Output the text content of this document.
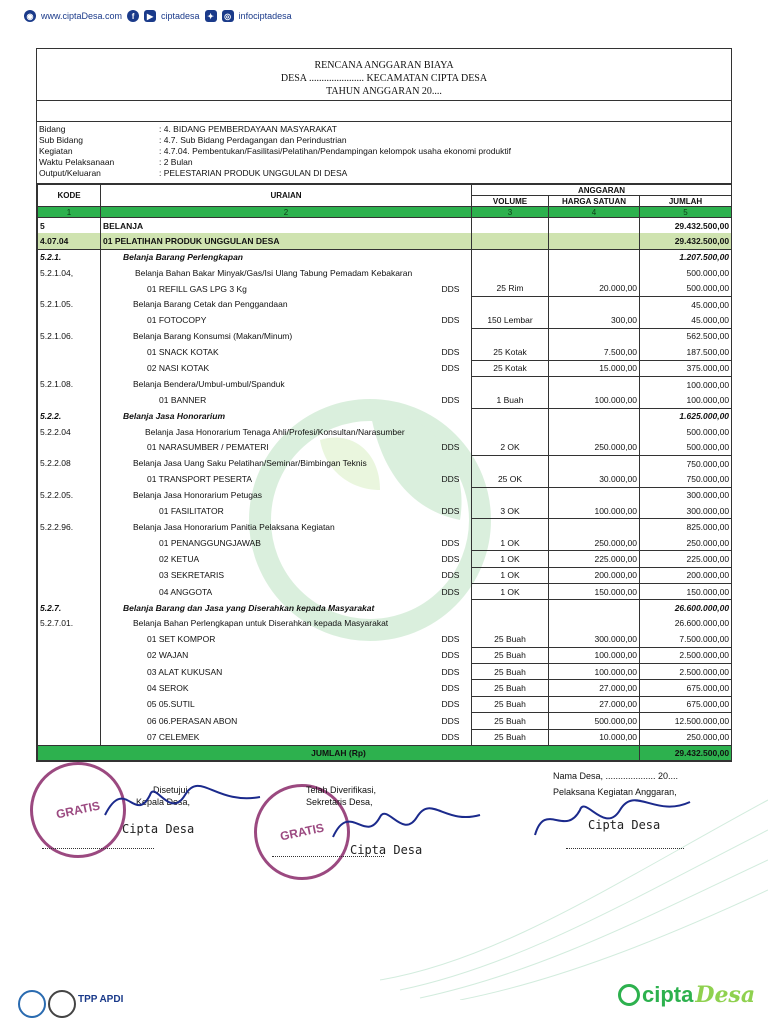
◉ www.ciptaDesa.com	f	▶ ciptadesa ✦	◎ infociptadesa
RENCANA ANGGARAN BIAYA
DESA ...................... KECAMATAN CIPTA DESA
TAHUN ANGGARAN 20....
Bidang	: 4. BIDANG PEMBERDAYAAN MASYARAKAT
Sub Bidang	: 4.7. Sub Bidang Perdagangan dan Perindustrian
Kegiatan	: 4.7.04. Pembentukan/Fasilitasi/Pelatihan/Pendampingan kelompok usaha ekonomi produktif
Waktu Pelaksanaan	: 2 Bulan
Output/Keluaran	: PELESTARIAN PRODUK UNGGULAN DI DESA
KODE	URAIAN		ANGGARAN		
			VOLUME	HARGA SATUAN	JUMLAH
1	2		3	4	5
5	BELANJA				29.432.500,00
4.07.04	01 PELATIHAN PRODUK UNGGULAN DESA				29.432.500,00
5.2.1.	Belanja Barang Perlengkapan				1.207.500,00
5.2.1.04,	Belanja Bahan Bakar Minyak/Gas/Isi Ulang Tabung Pemadam Kebakaran				500.000,00
	01 REFILL GAS LPG 3 Kg	DDS	25 Rim	20.000,00	500.000,00
5.2.1.05.	Belanja Barang Cetak dan Penggandaan				45.000,00
	01 FOTOCOPY	DDS	150 Lembar	300,00	45.000,00
5.2.1.06.	Belanja Barang Konsumsi (Makan/Minum)				562.500,00
	01 SNACK KOTAK	DDS	25 Kotak	7.500,00	187.500,00
	02 NASI KOTAK	DDS	25 Kotak	15.000,00	375.000,00
5.2.1.08.	Belanja Bendera/Umbul-umbul/Spanduk				100.000,00
	01 BANNER	DDS	1 Buah	100.000,00	100.000,00
5.2.2.	Belanja Jasa Honorarium				1.625.000,00
5.2.2.04	Belanja Jasa Honorarium Tenaga Ahli/Profesi/Konsultan/Narasumber				500.000,00
	01 NARASUMBER / PEMATERI	DDS	2 OK	250.000,00	500.000,00
5.2.2.08	Belanja Jasa Uang Saku Pelatihan/Seminar/Bimbingan Teknis				750.000,00
	01 TRANSPORT PESERTA	DDS	25 OK	30.000,00	750.000,00
5.2.2.05.	Belanja Jasa Honorarium Petugas				300.000,00
	01 FASILITATOR	DDS	3 OK	100.000,00	300.000,00
5.2.2.96.	Belanja Jasa Honorarium Panitia Pelaksana Kegiatan				825.000,00
	01 PENANGGUNGJAWAB	DDS	1 OK	250.000,00	250.000,00
	02 KETUA	DDS	1 OK	225.000,00	225.000,00
	03 SEKRETARIS	DDS	1 OK	200.000,00	200.000,00
	04 ANGGOTA	DDS	1 OK	150.000,00	150.000,00
5.2.7.	Belanja Barang dan Jasa yang Diserahkan kepada Masyarakat				26.600.000,00
5.2.7.01.	Belanja Bahan Perlengkapan untuk Diserahkan kepada Masyarakat				26.600.000,00
	01 SET KOMPOR	DDS	25 Buah	300.000,00	7.500.000,00
	02 WAJAN	DDS	25 Buah	100.000,00	2.500.000,00
	03 ALAT KUKUSAN	DDS	25 Buah	100.000,00	2.500.000,00
	04 SEROK	DDS	25 Buah	27.000,00	675.000,00
	05 05.SUTIL	DDS	25 Buah	27.000,00	675.000,00
	06 06.PERASAN ABON	DDS	25 Buah	500.000,00	12.500.000,00
	07 CELEMEK	DDS	25 Buah	10.000,00	250.000,00
JUMLAH (Rp)					29.432.500,00
GRATIS
Disetujui,
Kepala Desa,
Cipta Desa	GRATIS
Telah Diverifikasi,
Sekretaris Desa,
Cipta Desa
Nama Desa, .................... 20....
Pelaksana Kegiatan Anggaran,
Cipta Desa
TPP APDI	cipta Desa
